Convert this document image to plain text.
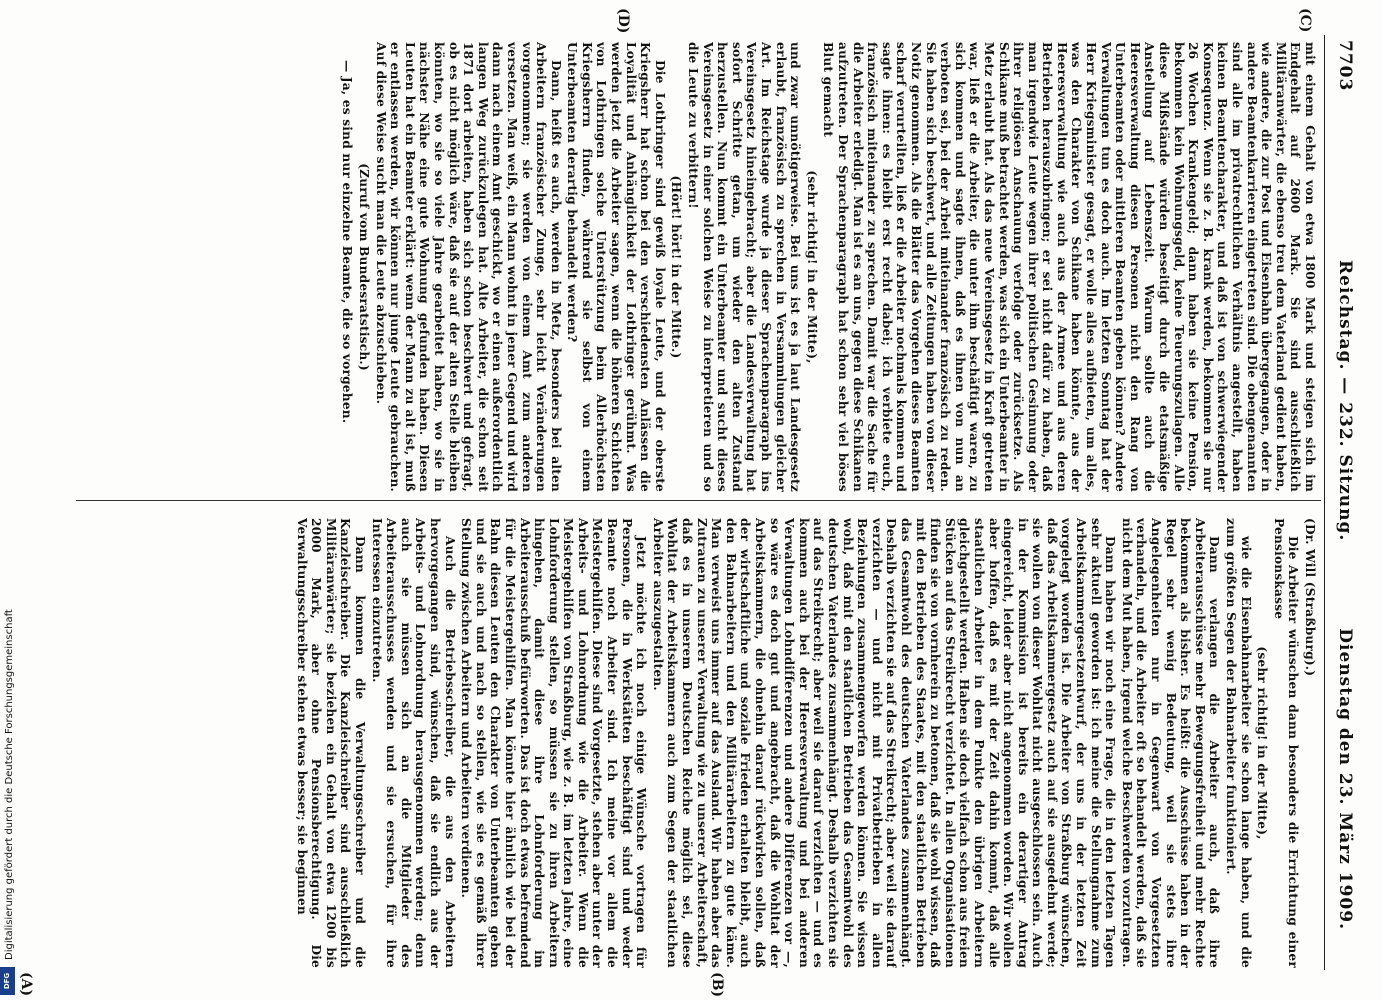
7703
Reichstag. — 232. Sitzung.
Dienstag den 23. März 1909.
(C)
(D)
(A)	(B)

(Dr. Will (Straßburg).)

Die Arbeiter wünschen dann besonders die Errichtung einer Pensionskasse

(sehr richtig! in der Mitte),

wie die Eisenbahnarbeiter sie schon lange haben, und die zum größten Segen der Bahnarbeiter funktioniert.

Dann verlangen die Arbeiter auch, daß ihre Arbeiterausschüsse mehr Bewegungsfreiheit und mehr Rechte bekommen als bisher. Es heißt: die Ausschüsse haben in der Regel sehr wenig Bedeutung, weil sie stets ihre Angelegenheiten nur in Gegenwart von Vorgesetzten verhandeln, und die Arbeiter oft so behandelt werden, daß sie nicht dem Mut haben, irgend welche Beschwerden vorzutragen.

Dann haben wir noch eine Frage, die in den letzten Tagen sehr aktuell geworden ist: ich meine die Stellungnahme zum Arbeitskammergesetzentwurf, der uns in der letzten Zeit vorgelegt worden ist. Die Arbeiter von Straßburg wünschen, daß das Arbeitskammergesetz auch auf sie ausgedehnt werde; sie wollen von dieser Wohltat nicht ausgeschlossen sein. Auch in der Kommission ist bereits ein derartiger Antrag eingereicht, leider aber nicht angenommen worden. Wir wollen aber hoffen, daß es mit der Zeit dahin kommt, daß alle staatlichen Arbeiter in dem Punkte den übrigen Arbeitern gleichgestellt werden. Haben sie doch vielfach schon aus freien Stücken auf das Streikrecht verzichtet. In allen Organisationen finden sie von vornherein zu betonen, daß sie wohl wissen, daß mit den Betrieben des Staates, mit den staatlichen Betrieben das Gesamtwohl des deutschen Vaterlandes zusammenhängt. Deshalb verzichten sie auf das Streikrecht; aber weil sie darauf verzichten — und nicht mit Privatbetrieben in allen Beziehungen zusammengeworfen werden können. Sie wissen wohl, daß mit den staatlichen Betrieben das Gesamtwohl des deutschen Vaterlandes zusammenhängt. Deshalb verzichten sie auf das Streikrecht; aber weil sie darauf verzichten — und es kommen auch bei der Heeresverwaltung und bei anderen Verwaltungen Lohndifferenzen und andere Differenzen vor —, so wäre es doch gut und angebracht, daß die Wohltat der Arbeitskammern, die ohnehin darauf rückwirken sollen, daß der wirtschaftliche und soziale Frieden erhalten bleibt, auch den Bahnarbeitern und den Militärarbeitern zu gute käme. Man verweist uns immer auf das Ausland. Wir haben aber das Zutrauen zu unserer Verwaltung wie zu unserer Arbeiterschaft, daß es in unserem Deutschen Reiche möglich sei, diese Wohltat der Arbeitskammern auch zum Segen der staatlichen Arbeiter auszugestalten.

Jetzt möchte ich noch einige Wünsche vortragen für Personen, die in Werkstätten beschäftigt sind und weder Beamte noch Arbeiter sind. Ich meine vor allem die Meistergehilfen. Diese sind Vorgesetzte, stehen aber unter der Arbeits- und Lohnordnung wie die Arbeiter. Wenn die Meistergehilfen von Straßburg, wie z. B. im letzten Jahre, eine Lohnforderung stellen, so müssen sie zu ihren Arbeitern hingehen, damit diese ihre Lohnforderung im Arbeiterausschuß befürworten. Das ist doch etwas befremdend für die Meistergehilfen. Man könnte hier ähnlich wie bei der Bahn diesen Leuten den Charakter von Unterbeamten geben und sie auch und nach so stellen, wie sie es gemäß ihrer Stellung zwischen Arbeitern und Arbeitern verdienen.

Auch die Betriebsschreiber, die aus den Arbeitern hervorgegangen sind, wünschen, daß sie endlich aus der Arbeits- und Lohnordnung herausgenommen werden; denn auch sie müssen sich an die Mitglieder des Arbeiterausschusses wenden und sie ersuchen, für ihre Interessen einzutreten.

Dann kommen die Verwaltungsschreiber und die Kanzleischreiber. Die Kanzleischreiber sind ausschließlich Militäranwärter; sie beziehen ein Gehalt von etwa 1200 bis 2000 Mark, aber ohne Pensionsberechtigung. Die Verwaltungsschreiber stehen etwas besser; sie beginnen

mit einem Gehalt von etwa 1800 Mark und steigen sich im Endgehalt auf 2600 Mark. Sie sind ausschließlich Militäranwärter, die ebenso treu dem Vaterland gedient haben, wie andere, die zur Post und Eisenbahn übergegangen, oder in andere Beamtenkarrieren eingetreten sind. Die obengenannten sind alle im privatrechtlichen Verhältnis angestellt, haben keinen Beamtencharakter, und daß ist von schwerwiegender Konsequenz. Wenn sie z. B. krank werden, bekommen sie nur 26 Wochen Krankengeld; dann haben sie keine Pension, bekommen kein Wohnungsgeld, keine Teuerungszulagen. Alle diese Mißstände würden beseitigt durch die etatsmäßige Anstellung auf Lebenszeit. Warum sollte auch die Heeresverwaltung diesen Personen nicht den Rang von Unterbeamten oder mittleren Beamten geben können? Andere Verwaltungen tun es doch auch. Im letzten Sonntag hat der Herr Kriegsminister gesagt, er wolle alles aufbieten, um alles, was den Charakter von Schikane haben könnte, aus der Heeresverwaltung wie auch aus der Armee und aus deren Betrieben herauszubringen; er sei nicht dafür zu haben, daß man irgendwie Leute wegen ihrer politischen Gesinnung oder ihrer religiösen Anschauung verfolge oder zurücksetze. Als Schikane muß betrachtet werden, was sich ein Unterbeamter in Metz erlaubt hat. Als das neue Vereinsgesetz in Kraft getreten war, ließ er die Arbeiter, die unter ihm beschäftigt waren, zu sich kommen und sagte ihnen, daß es ihnen von nun an verboten sei, bei der Arbeit miteinander französisch zu reden. Sie haben sich beschwert, und alle Zeitungen haben von dieser Notiz genommen. Als die Blätter das Vorgehen dieses Beamten scharf verurteilten, ließ er die Arbeiter nochmals kommen und sagte ihnen: es bleibt erst recht dabei; ich verbiete euch, französisch miteinander zu sprechen. Damit war die Sache für die Arbeiter erledigt. Man ist es an uns, gegen diese Schikanen aufzutreten. Der Sprachenparagraph hat schon sehr viel böses Blut gemacht

(sehr richtig! in der Mitte),

und zwar unnötigerweise. Bei uns ist es ja laut Landesgesetz erlaubt, französisch zu sprechen in Versammlungen gleicher Art. Im Reichstage wurde ja dieser Sprachenparagraph ins Vereinsgesetz hineingebracht; aber die Landesverwaltung hat sofort Schritte getan, um wieder den alten Zustand herzustellen. Nun kommt ein Unterbeamter und sucht dieses Vereinsgesetz in einer solchen Weise zu interpretieren und so die Leute zu verbittern!

(Hört! hört! in der Mitte.)

Die Lothringer sind gewiß loyale Leute, und der oberste Kriegsherr hat schon bei den verschiedensten Anlässen die Loyalität und Anhänglichkeit der Lothringer gerühmt. Was werden jetzt die Arbeiter sagen, wenn die höheren Schichten von Lothringen solche Unterstützung beim Allerhöchsten Kriegsherrn finden, während sie selbst von einem Unterbeamten derartig behandelt werden?

Dann, heißt es auch, werden in Metz, besonders bei alten Arbeitern französischer Zunge, sehr leicht Veränderungen vorgenommen; sie werden von einem Amt zum anderen versetzen. Man weiß, ein Mann wohnt in jener Gegend und wird dann nach einem Amt geschickt, wo er einen außerordentlich langen Weg zurückzulegen hat. Alte Arbeiter, die schon seit 1871 dort arbeiten, haben sich schon beschwert und gefragt, ob es nicht möglich wäre, daß sie auf der alten Stelle bleiben könnten, wo sie so viele Jahre gearbeitet haben, wo sie in nächster Nähe eine gute Wohnung gefunden haben. Diesen Leuten hat ein Beamter erklärt: wenn der Mann zu alt ist, muß er entlassen werden, wir können nur junge Leute gebrauchen. Auf diese Weise sucht man die Leute abzuschieben.

(Zuruf vom Bundesratstisch.)

— Ja, es sind nur einzelne Beamte, die so vorgehen.

Digitalisierung gefördert durch die Deutsche Forschungsgemeinschaft
DFG
